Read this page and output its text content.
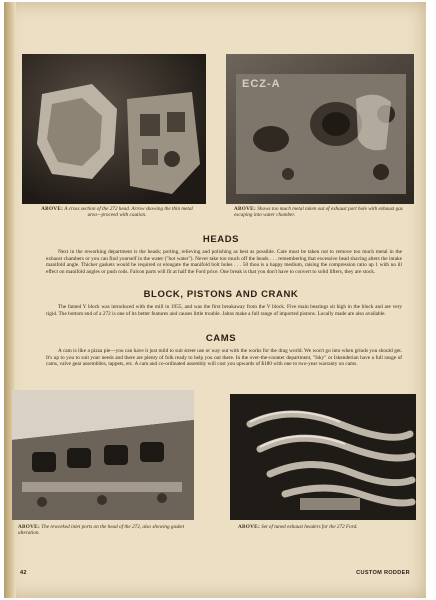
ABOVE: A cross section of the 272 head. Arrow showing the thin metal area—proceed with caution.
ECZ-A
ABOVE: Shows too much metal taken out of exhaust port hole with exhaust gas escaping into water chamber.
HEADS
Next in the reworking department is the heads; porting, relieving and polishing as best as possible. Care must be taken not to remove too much metal in the exhaust chambers or you can find yourself in the water ("hot water"). Never take too much off the heads . . . remembering that excessive head shaving alters the intake manifold angle. Thicker gaskets would be required or elongate the manifold bolt holes . . . 50 thou is a happy medium, raising the compression ratio up 1 with no ill effect on manifold angles or push rods. Falcon parts will fit at half the Ford price. One break is that you don't have to convert to solid lifters, they are stock.
BLOCK, PISTONS AND CRANK
The famed Y block was introduced with the mill in 1955, and was the first breakaway from the V block. Five main bearings sit high in the block and are very rigid. The bottom end of a 272 is one of its better features and causes little trouble. Jahns make a full range of imported pistons. Locally made are also available.
CAMS
A cam is like a pizza pie—you can have it just mild to suit street use or way out with the works for the drag world. We won't go into when grinds you should get. It's up to you to suit your needs and there are plenty of folk ready to help you out there. In the over-the-counter department, "Isky" or Iskenderian have a full range of cams, valve gear assemblies, tappets, etc. A cam and co-ordinated assembly will cost you upwards of $180 with one to two-year warranty on cams.
ABOVE: The reworked inlet ports on the head of the 272, also showing gasket alteration.
ABOVE: Set of tuned exhaust headers for the 272 Ford.
42	CUSTOM RODDER
